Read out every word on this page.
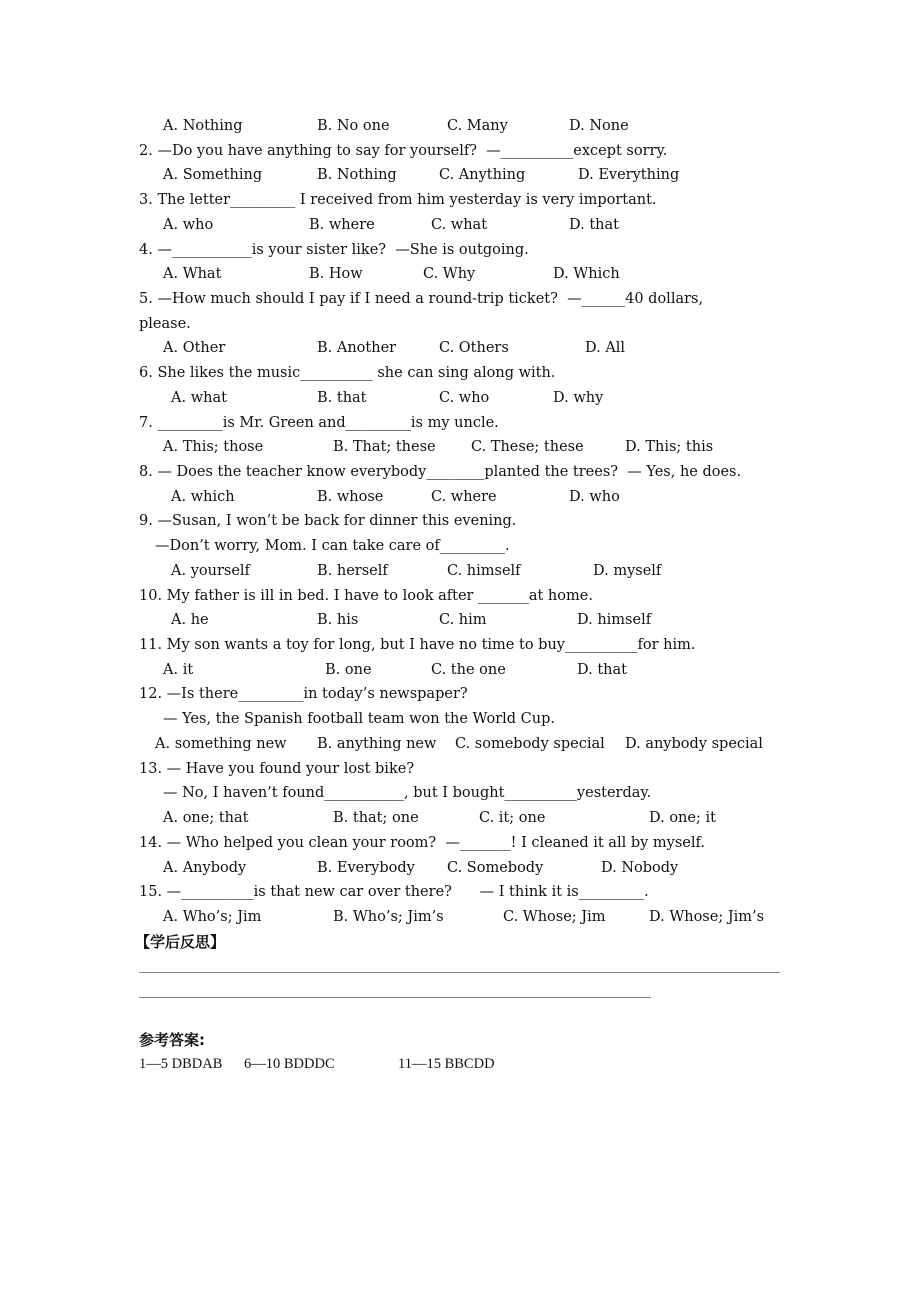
A. Nothing	B. No one	C. Many	D. None
2. —Do you have anything to say for yourself?  —__________except sorry.
A. Something	B. Nothing	C. Anything	D. Everything
3. The letter_________ I received from him yesterday is very important.
A. who	B. where	C. what	D. that
4. —___________is your sister like?  —She is outgoing.
A. What	B. How	C. Why	D. Which
5. —How much should I pay if I need a round-trip ticket?  —______40 dollars,
please.
A. Other	B. Another	C. Others	D. All
6. She likes the music__________ she can sing along with.
A. what	B. that	C. who	D. why
7. _________is Mr. Green and_________is my uncle.
A. This; those	B. That; these C. These; these	D. This; this
8. — Does the teacher know everybody________planted the trees?  — Yes, he does.
A. which	B. whose	C. where	D. who
9. —Susan, I won’t be back for dinner this evening.
—Don’t worry, Mom. I can take care of_________.
A. yourself	B. herself	C. himself	D. myself
10. My father is ill in bed. I have to look after _______at home.
A. he	B. his	C. him	D. himself
11. My son wants a toy for long, but I have no time to buy__________for him.
A. it	B. one	C. the one	D. that
12. —Is there_________in today’s newspaper?
— Yes, the Spanish football team won the World Cup.
A. something new B. anything new C. somebody special D. anybody special
13. — Have you found your lost bike?
— No, I haven’t found___________, but I bought__________yesterday.
A. one; that	B. that; one	C. it; one	D. one; it
14. — Who helped you clean your room?  —_______! I cleaned it all by myself.
A. Anybody	B. Everybody C. Somebody	D. Nobody
15. —__________is that new car over there?      — I think it is_________.
A. Who’s; Jim	B. Who’s; Jim’s	C. Whose; Jim	D. Whose; Jim’s
【学后反思】
参考答案:
1—5 DBDAB 6—10 BDDDC	11—15 BBCDD
